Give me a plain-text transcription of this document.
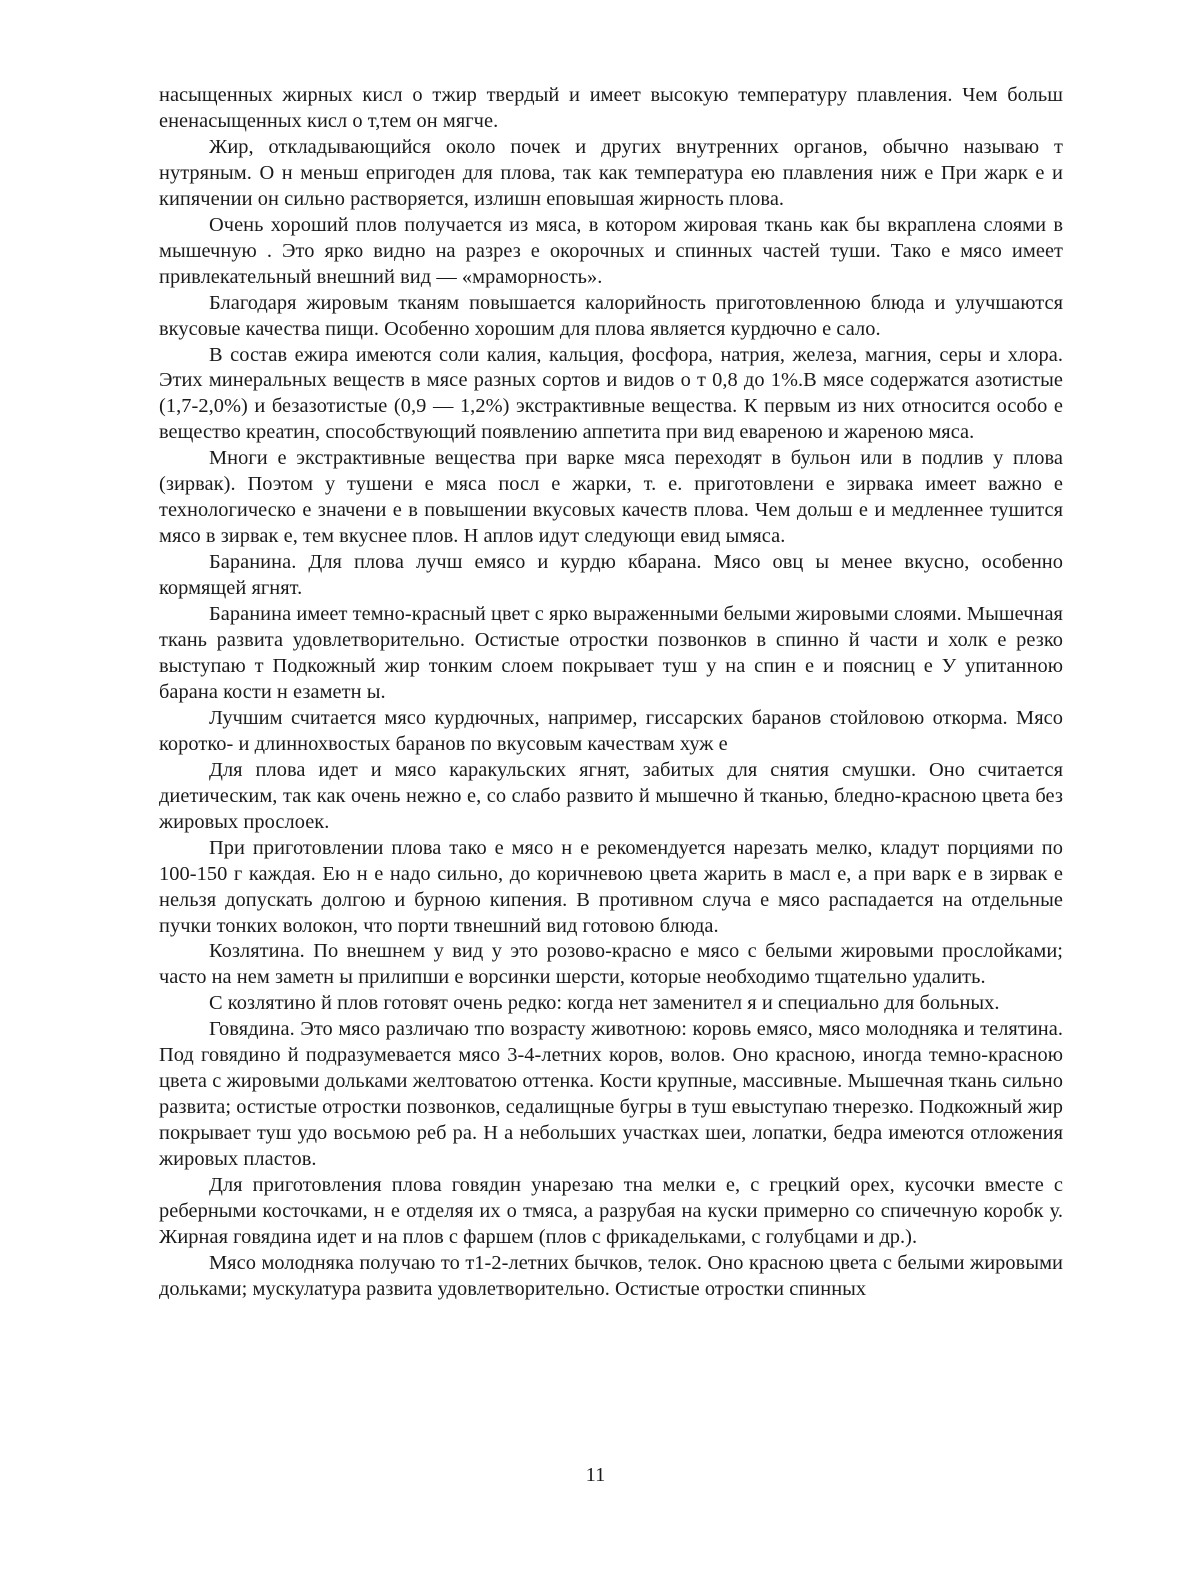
насыщенных жирных кисл о тжир твердый и имеет высокую температуру плавления. Чем больш ененасыщенных кисл о т,тем он мягче.

Жир, откладывающийся около почек и других внутренних органов, обычно называю т нутряным. О н меньш епригоден для плова, так как температура ею плавления ниж е При жарк е и кипячении он сильно растворяется, излишн еповышая жирность плова.

Очень хороший плов получается из мяса, в котором жировая ткань как бы вкраплена слоями в мышечную . Это ярко видно на разрез е окорочных и спинных частей туши. Тако е мясо имеет привлекательный внешний вид — «мраморность».

Благодаря жировым тканям повышается калорийность приготовленною блюда и улучшаются вкусовые качества пищи. Особенно хорошим для плова является курдючно е сало.

В состав ежира имеются соли калия, кальция, фосфора, натрия, железа, магния, серы и хлора. Этих минеральных веществ в мясе разных сортов и видов о т 0,8 до 1%.В мясе содержатся азотистые (1,7-2,0%) и безазотистые (0,9 — 1,2%) экстрактивные вещества. К первым из них относится особо е вещество креатин, способствующий появлению аппетита при вид евареною и жареною мяса.

Многи е экстрактивные вещества при варке мяса переходят в бульон или в подлив у плова (зирвак). Поэтом у тушени е мяса посл е жарки, т. е. приготовлени е зирвака имеет важно е технологическо е значени е в повышении вкусовых качеств плова. Чем дольш е и медленнее тушится мясо в зирвак е, тем вкуснее плов. Н аплов идут следующи евид ымяса.

Баранина. Для плова лучш емясо и курдю кбарана. Мясо овц ы менее вкусно, особенно кормящей ягнят.

Баранина имеет темно-красный цвет с ярко выраженными белыми жировыми слоями. Мышечная ткань развита удовлетворительно. Остистые отростки позвонков в спинно й части и холк е резко выступаю т Подкожный жир тонким слоем покрывает туш у на спин е и поясниц е У упитанною барана кости н езаметн ы.

Лучшим считается мясо курдючных, например, гиссарских баранов стойловою откорма. Мясо коротко- и длиннохвостых баранов по вкусовым качествам хуж е

Для плова идет и мясо каракульских ягнят, забитых для снятия смушки. Оно считается диетическим, так как очень нежно е, со слабо развито й мышечно й тканью, бледно-красною цвета без жировых прослоек.

При приготовлении плова тако е мясо н е рекомендуется нарезать мелко, кладут порциями по 100-150 г каждая. Ею н е надо сильно, до коричневою цвета жарить в масл е, а при варк е в зирвак е нельзя допускать долгою и бурною кипения. В противном случа е мясо распадается на отдельные пучки тонких волокон, что порти твнешний вид готовою блюда.

Козлятина. По внешнем у вид у это розово-красно е мясо с белыми жировыми прослойками; часто на нем заметн ы прилипши е ворсинки шерсти, которые необходимо тщательно удалить.

С козлятино й плов готовят очень редко: когда нет заменител я и специально для больных.

Говядина. Это мясо различаю тпо возрасту животною: коровь емясо, мясо молодняка и телятина. Под говядино й подразумевается мясо 3-4-летних коров, волов. Оно красною, иногда темно-красною цвета с жировыми дольками желтоватою оттенка. Кости крупные, массивные. Мышечная ткань сильно развита; остистые отростки позвонков, седалищные бугры в туш евыступаю тнерезко. Подкожный жир покрывает туш удо восьмою реб ра. Н а небольших участках шеи, лопатки, бедра имеются отложения жировых пластов.

Для приготовления плова говядин унарезаю тна мелки е, с грецкий орех, кусочки вместе с реберными косточками, н е отделяя их о тмяса, а разрубая на куски примерно со спичечную коробк у. Жирная говядина идет и на плов с фаршем (плов с фрикадельками, с голубцами и др.).

Мясо молодняка получаю то т1-2-летних бычков, телок. Оно красною цвета с белыми жировыми дольками; мускулатура развита удовлетворительно. Остистые отростки спинных

11
